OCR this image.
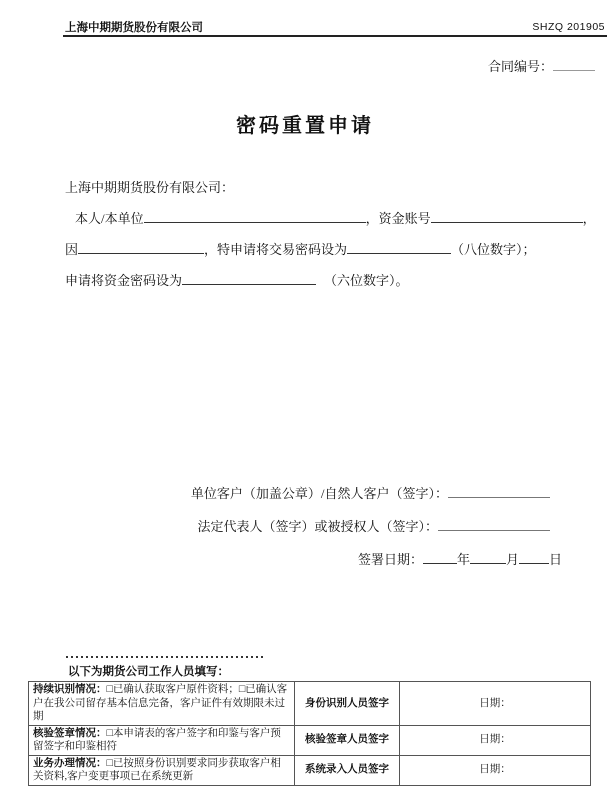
上海中期期货股份有限公司	SHZQ 201905
合同编号：
密码重置申请
上海中期期货股份有限公司：
本人/本单位	，资金账号	，
因	，特申请将交易密码设为	（八位数字）；
申请将资金密码设为	（六位数字）。
单位客户（加盖公章）/自然人客户（签字）：
法定代表人（签字）或被授权人（签字）：
签署日期：	年	月 日
以下为期货公司工作人员填写：
持续识别情况：□已确认获取客户原件资料；□已确认客户在我公司留存基本信息完备，客户证件有效期限未过期	身份识别人员签字	日期：
核验签章情况：□本申请表的客户签字和印鉴与客户预留签字和印鉴相符	核验签章人员签字	日期：
业务办理情况：□已按照身份识别要求同步获取客户相关资料,客户变更事项已在系统更新	系统录入人员签字	日期：
